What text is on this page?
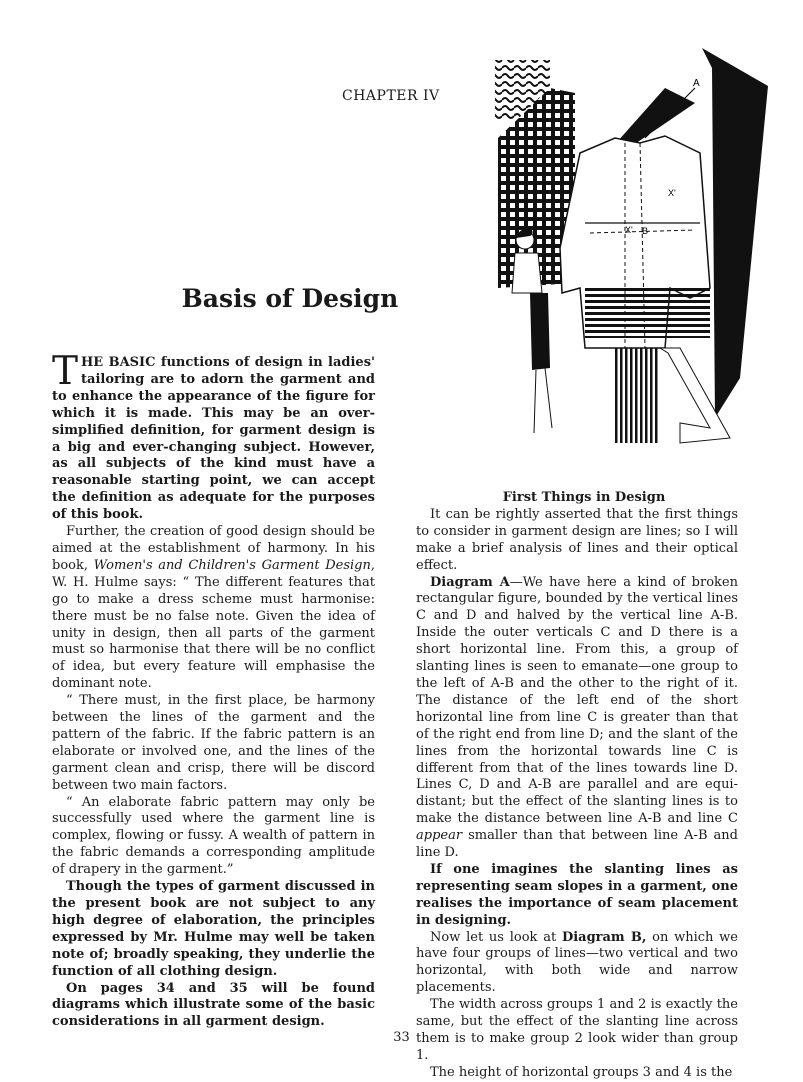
CHAPTER IV
Basis of Design
A
X'
X' B

THE BASIC functions of design in ladies' tailoring are to adorn the garment and to enhance the appearance of the figure for which it is made. This may be an over-simplified definition, for garment design is a big and ever-changing subject. However, as all subjects of the kind must have a reasonable starting point, we can accept the definition as adequate for the purposes of this book.

Further, the creation of good design should be aimed at the establishment of harmony. In his book, Women's and Children's Garment Design, W. H. Hulme says: “ The different features that go to make a dress scheme must harmonise: there must be no false note. Given the idea of unity in design, then all parts of the garment must so harmonise that there will be no conflict of idea, but every feature will emphasise the dominant note.

“ There must, in the first place, be harmony between the lines of the garment and the pattern of the fabric. If the fabric pattern is an elaborate or involved one, and the lines of the garment clean and crisp, there will be discord between two main factors.

“ An elaborate fabric pattern may only be successfully used where the garment line is complex, flowing or fussy. A wealth of pattern in the fabric demands a corresponding amplitude of drapery in the garment.”

Though the types of garment discussed in the present book are not subject to any high degree of elaboration, the principles expressed by Mr. Hulme may well be taken note of; broadly speaking, they underlie the function of all clothing design.

On pages 34 and 35 will be found diagrams which illustrate some of the basic considerations in all garment design.

First Things in Design

It can be rightly asserted that the first things to consider in garment design are lines; so I will make a brief analysis of lines and their optical effect.

Diagram A—We have here a kind of broken rectangular figure, bounded by the vertical lines C and D and halved by the vertical line A-B. Inside the outer verticals C and D there is a short horizontal line. From this, a group of slanting lines is seen to emanate—one group to the left of A-B and the other to the right of it. The distance of the left end of the short horizontal line from line C is greater than that of the right end from line D; and the slant of the lines from the horizontal towards line C is different from that of the lines towards line D. Lines C, D and A-B are parallel and are equi-distant; but the effect of the slanting lines is to make the distance between line A-B and line C appear smaller than that between line A-B and line D.

If one imagines the slanting lines as representing seam slopes in a garment, one realises the importance of seam placement in designing.

Now let us look at Diagram B, on which we have four groups of lines—two vertical and two horizontal, with both wide and narrow placements.

The width across groups 1 and 2 is exactly the same, but the effect of the slanting line across them is to make group 2 look wider than group 1.

The height of horizontal groups 3 and 4 is the

33
